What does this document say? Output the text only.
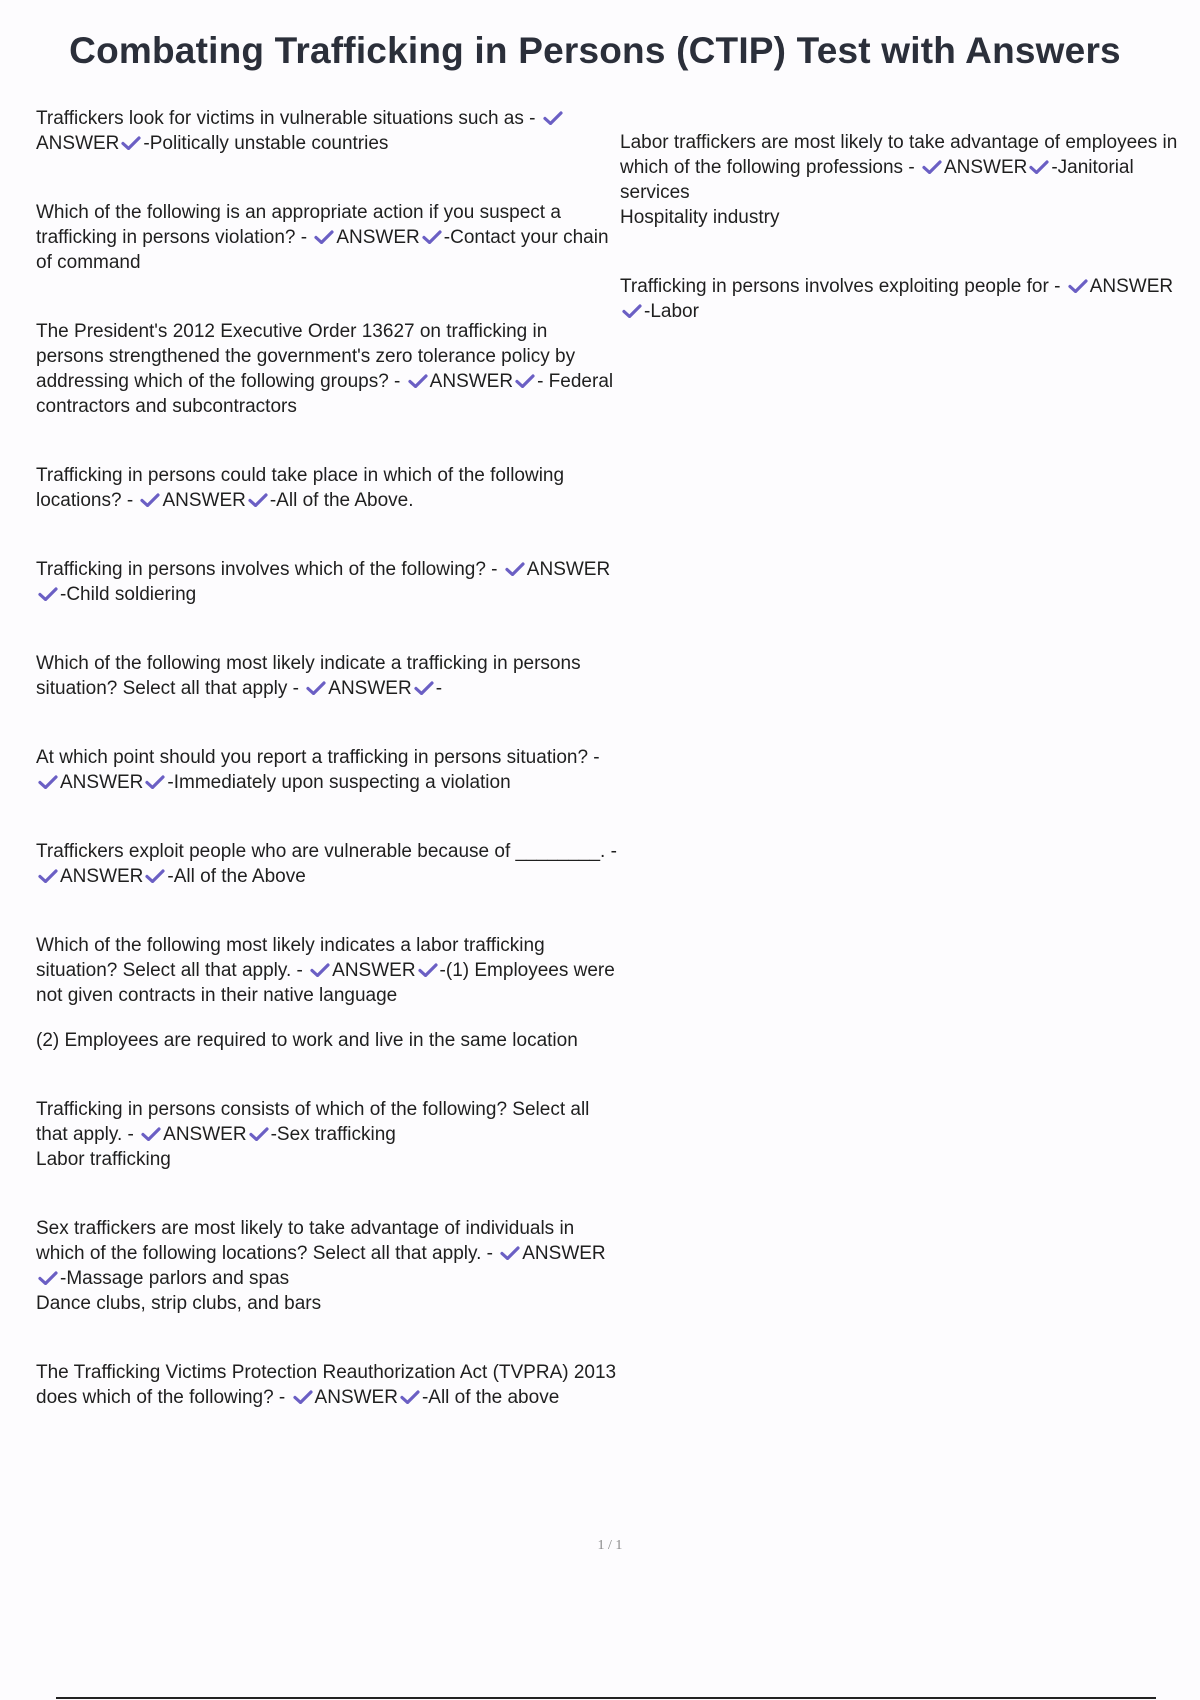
Combating Trafficking in Persons (CTIP) Test with Answers

Traffickers look for victims in vulnerable situations such as -
ANSWER -Politically unstable countries

Which of the following is an appropriate action if you suspect a trafficking in persons violation? - ANSWER -Contact your chain of command

The President's 2012 Executive Order 13627 on trafficking in persons strengthened the government's zero tolerance policy by addressing which of the following groups? - ANSWER - Federal contractors and subcontractors

Trafficking in persons could take place in which of the following locations? - ANSWER -All of the Above.

Trafficking in persons involves which of the following? - ANSWER
-Child soldiering

Which of the following most likely indicate a trafficking in persons situation? Select all that apply - ANSWER -

At which point should you report a trafficking in persons situation? -
ANSWER -Immediately upon suspecting a violation

Traffickers exploit people who are vulnerable because of ________. -
ANSWER -All of the Above

Which of the following most likely indicates a labor trafficking situation? Select all that apply. - ANSWER -(1) Employees were not given contracts in their native language
(2) Employees are required to work and live in the same location

Trafficking in persons consists of which of the following? Select all that apply. - ANSWER -Sex trafficking
Labor trafficking

Sex traffickers are most likely to take advantage of individuals in which of the following locations? Select all that apply. - ANSWER
-Massage parlors and spas
Dance clubs, strip clubs, and bars

The Trafficking Victims Protection Reauthorization Act (TVPRA) 2013 does which of the following? - ANSWER -All of the above

Labor traffickers are most likely to take advantage of employees in which of the following professions - ANSWER -Janitorial services
Hospitality industry

Trafficking in persons involves exploiting people for - ANSWER
-Labor

1 / 1
